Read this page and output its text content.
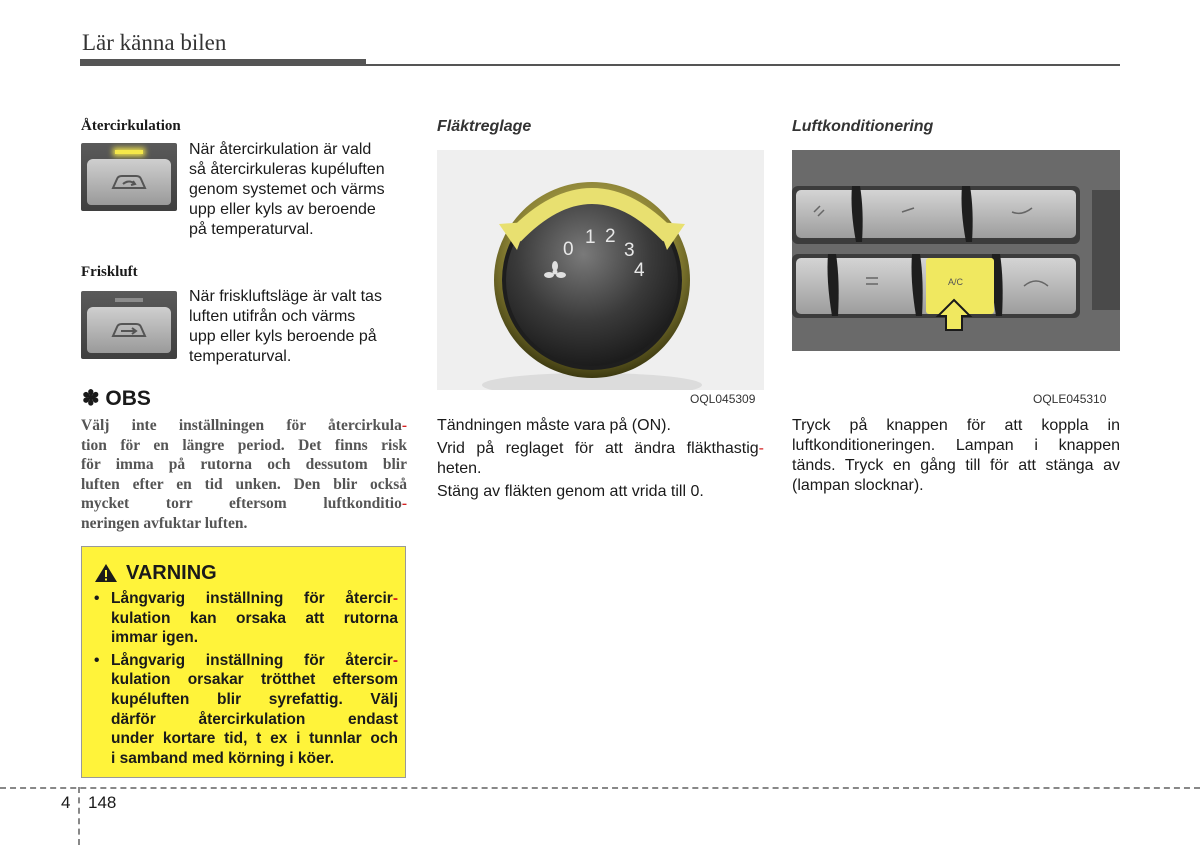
Lär känna bilen
Återcirkulation
När återcirkulation är vald
så återcirkuleras kupéluften
genom systemet och värms
upp eller kyls av beroende
på temperaturval.
Friskluft
När friskluftsläge är valt tas
luften utifrån och värms
upp eller kyls beroende på
temperaturval.
✽ OBS
Välj inte inställningen för återcirkula-
tion för en längre period. Det finns risk
för imma på rutorna och dessutom blir
luften efter en tid unken. Den blir också
mycket torr eftersom luftkonditio-
neringen avfuktar luften.
VARNING
• Långvarig inställning för återcir-
kulation kan orsaka att rutorna
immar igen.
• Långvarig inställning för återcir-
kulation orsakar trötthet eftersom
kupéluften blir syrefattig. Välj
därför återcirkulation endast
under kortare tid, t ex i tunnlar och
i samband med körning i köer.
Fläktreglage
0
1 2
3
4
OQL045309
Tändningen måste vara på (ON).
Vrid på reglaget för att ändra fläkthastig-
heten.
Stäng av fläkten genom att vrida till 0.
Luftkonditionering
A/C
OQLE045310
Tryck på knappen för att koppla in
luftkonditioneringen. Lampan i knappen
tänds. Tryck en gång till för att stänga av
(lampan slocknar).
4 148
